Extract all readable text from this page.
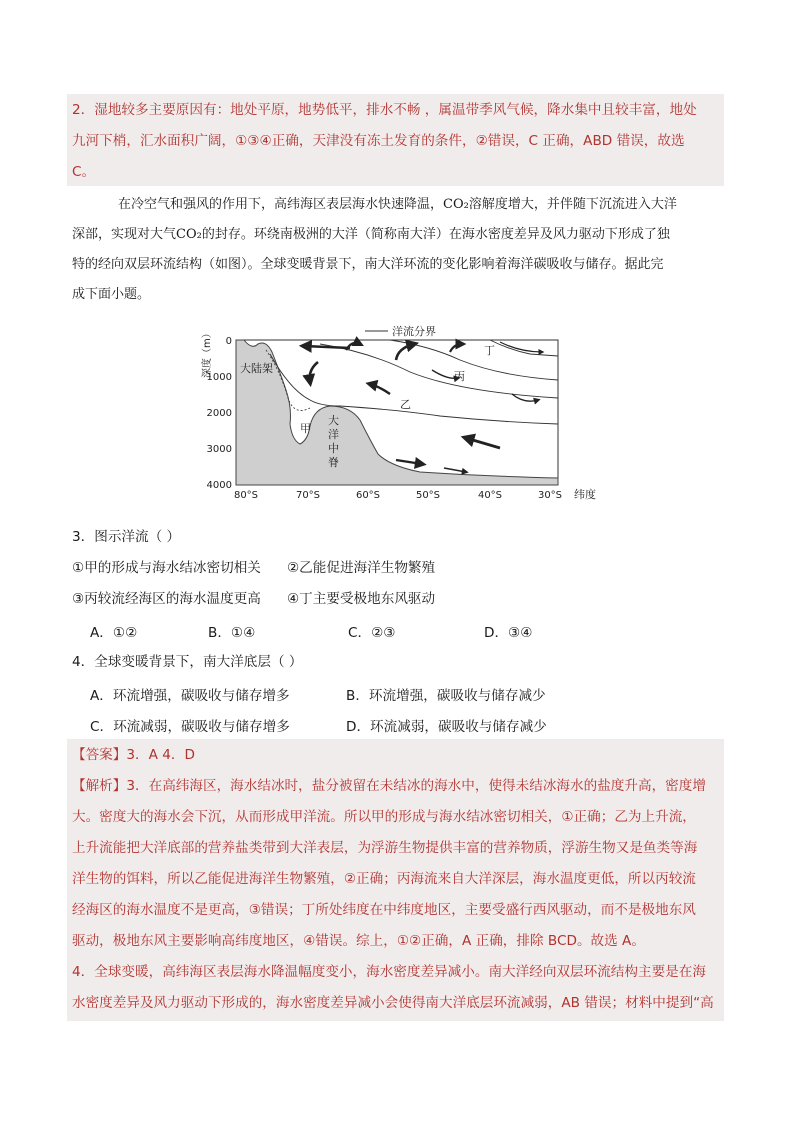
2．湿地较多主要原因有：地处平原，地势低平，排水不畅 ，属温带季风气候，降水集中且较丰富，地处
九河下梢，汇水面积广阔，①③④正确，天津没有冻土发育的条件，②错误，C 正确，ABD 错误，故选
C。
在冷空气和强风的作用下，高纬海区表层海水快速降温，CO₂溶解度增大，并伴随下沉流进入大洋
深部，实现对大气CO₂的封存。环绕南极洲的大洋（简称南大洋）在海水密度差异及风力驱动下形成了独
特的经向双层环流结构（如图）。全球变暖背景下，南大洋环流的变化影响着海洋碳吸收与储存。据此完
成下面小题。
洋流分界
大陆架
甲
乙
丙
丁
大
洋
中
脊
深度（m） 0
1000
2000
3000
4000
80°S	70°S	60°S	50°S	40°S	30°S 纬度
3．图示洋流（ ）
①甲的形成与海水结冰密切相关 ②乙能促进海洋生物繁殖
③丙较流经海区的海水温度更高 ④丁主要受极地东风驱动
A．①②	B．①④	C．②③	D．③④
4．全球变暖背景下，南大洋底层（ ）
A．环流增强，碳吸收与储存增多	B．环流增强，碳吸收与储存减少
C．环流减弱，碳吸收与储存增多	D．环流减弱，碳吸收与储存减少
【答案】3．A 4．D
【解析】3．在高纬海区，海水结冰时，盐分被留在未结冰的海水中，使得未结冰海水的盐度升高，密度增
大。密度大的海水会下沉，从而形成甲洋流。所以甲的形成与海水结冰密切相关，①正确；乙为上升流，
上升流能把大洋底部的营养盐类带到大洋表层，为浮游生物提供丰富的营养物质，浮游生物又是鱼类等海
洋生物的饵料，所以乙能促进海洋生物繁殖，②正确；丙海流来自大洋深层，海水温度更低，所以丙较流
经海区的海水温度不是更高，③错误；丁所处纬度在中纬度地区，主要受盛行西风驱动，而不是极地东风
驱动，极地东风主要影响高纬度地区，④错误。综上，①②正确，A 正确，排除 BCD。故选 A。
4．全球变暖，高纬海区表层海水降温幅度变小，海水密度差异减小。南大洋经向双层环流结构主要是在海
水密度差异及风力驱动下形成的，海水密度差异减小会使得南大洋底层环流减弱，AB 错误；材料中提到“高
